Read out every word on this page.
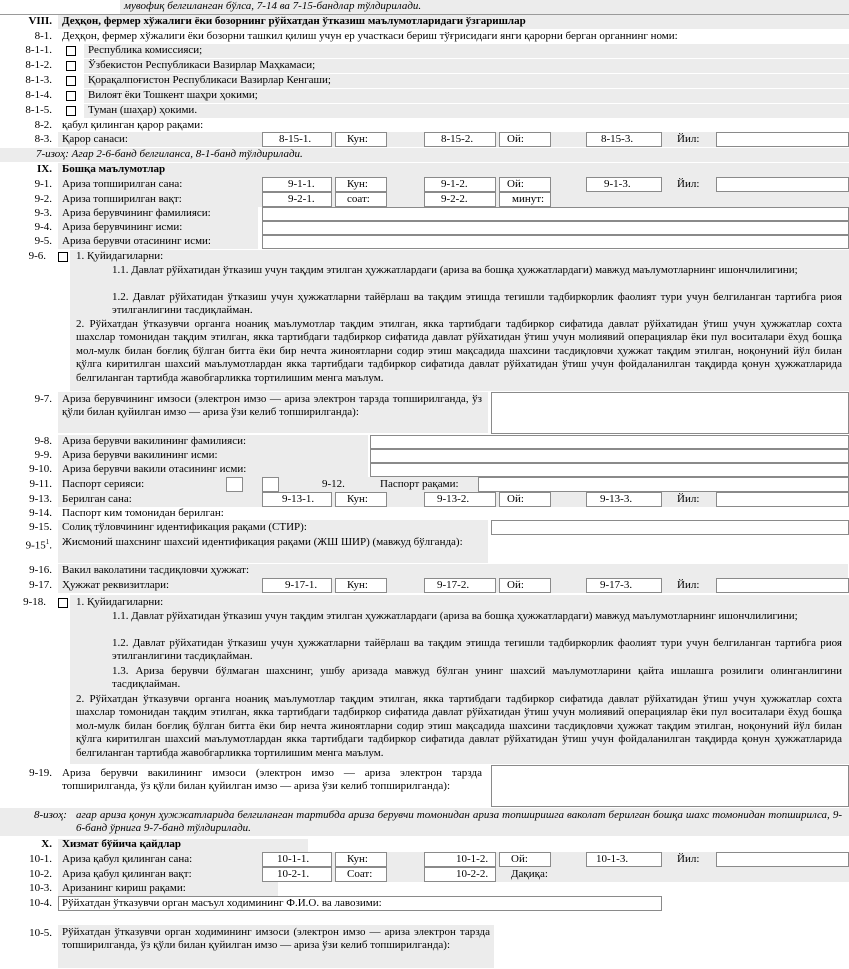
мувофиқ белгиланган бўлса, 7-14 ва 7-15-бандлар тўлдирилади.
VIII. Деҳқон, фермер хўжалиги ёки бозорнинг рўйхатдан ўтказиш маълумотларидаги ўзгаришлар
8-1. Деҳқон, фермер хўжалиги ёки бозорни ташкил қилиш учун ер участкаси бериш тўғрисидаги янги қарорни берган органнинг номи:
8-1-1.	Республика комиссияси;
8-1-2.	Ўзбекистон Республикаси Вазирлар Маҳкамаси;
8-1-3.	Қорақалпоғистон Республикаси Вазирлар Кенгаши;
8-1-4.	Вилоят ёки Тошкент шаҳри ҳокими;
8-1-5.	Туман (шаҳар) ҳокими.
8-2. қабул қилинган қарор рақами:
8-3. Қарор санаси:	8-15-1.	Кун:	8-15-2.	Ой:	8-15-3.	Йил:
7-изоҳ: Агар 2-6-банд белгиланса, 8-1-банд тўлдирилади.
IX. Бошқа маълумотлар
9-1. Ариза топширилган сана:	9-1-1.	Кун:	9-1-2.	Ой:	9-1-3.	Йил:
9-2. Ариза топширилган вақт:	9-2-1.	соат:	9-2-2.	минут:
9-3. Ариза берувчининг фамилияси:
9-4. Ариза берувчининг исми:
9-5. Ариза берувчи отасининг исми:
9-6.	1. Қуйидагиларни:
1.1. Давлат рўйхатидан ўтказиш учун тақдим этилган ҳужжатлардаги (ариза ва бошқа ҳужжатлардаги) мавжуд маълумотларнинг ишончлилигини;
1.2. Давлат рўйхатидан ўтказиш учун ҳужжатларни тайёрлаш ва тақдим этишда тегишли тадбиркорлик фаолият тури учун белгиланган тартибга риоя этилганлигини тасдиқлайман.
2. Рўйхатдан ўтказувчи органга ноаниқ маълумотлар тақдим этилган, якка тартибдаги тадбиркор сифатида давлат рўйхатидан ўтиш учун ҳужжатлар сохта шахслар томонидан тақдим этилган, якка тартибдаги тадбиркор сифатида давлат рўйхатидан ўтиш учун молиявий операциялар ёки пул воситалари ёхуд бошқа мол-мулк билан боғлиқ бўлган битта ёки бир нечта жиноятларни содир этиш мақсадида шахсини тасдиқловчи ҳужжат тақдим этилган, ноқонуний йўл билан қўлга киритилган шахсий маълумотлардан якка тартибдаги тадбиркор сифатида давлат рўйхатидан ўтиш учун фойдаланилган тақдирда қонун ҳужжатларида белгиланган тартибда жавобгарликка тортилишим менга маълум.
9-7. Ариза берувчининг имзоси (электрон имзо — ариза электрон тарзда топширилганда, ўз қўли билан қуйилган имзо — ариза ўзи келиб топширилганда):
9-8. Ариза берувчи вакилининг фамилияси:
9-9. Ариза берувчи вакилининг исми:
9-10. Ариза берувчи вакили отасининг исми:
9-11. Паспорт серияси:	9-12.	Паспорт рақами:
9-13. Берилган сана:	9-13-1.	Кун:	9-13-2.	Ой:	9-13-3.	Йил:
9-14. Паспорт ким томонидан берилган:
9-15. Солиқ тўловчининг идентификация рақами (СТИР):
$9-15^1$. Жисмоний шахснинг шахсий идентификация рақами (ЖШ ШИР) (мавжуд бўлганда):
9-16. Вакил ваколатини тасдиқловчи ҳужжат:
9-17. Ҳужжат реквизитлари:	9-17-1.	Кун:	9-17-2.	Ой:	9-17-3.	Йил:
9-18.	1. Қуйидагиларни:
1.1. Давлат рўйхатидан ўтказиш учун тақдим этилган ҳужжатлардаги (ариза ва бошқа ҳужжатлардаги) мавжуд маълумотларнинг ишончлилигини;
1.2. Давлат рўйхатидан ўтказиш учун ҳужжатларни тайёрлаш ва тақдим этишда тегишли тадбиркорлик фаолият тури учун белгиланган тартибга риоя этилганлигини тасдиқлайман.
1.3. Ариза берувчи бўлмаган шахснинг, ушбу аризада мавжуд бўлган унинг шахсий маълумотларини қайта ишлашга розилиги олинганлигини тасдиқлайман.
2. Рўйхатдан ўтказувчи органга ноаниқ маълумотлар тақдим этилган, якка тартибдаги тадбиркор сифатида давлат рўйхатидан ўтиш учун ҳужжатлар сохта шахслар томонидан тақдим этилган, якка тартибдаги тадбиркор сифатида давлат рўйхатидан ўтиш учун молиявий операциялар ёки пул воситалари ёхуд бошқа мол-мулк билан боғлиқ бўлган битта ёки бир нечта жиноятларни содир этиш мақсадида шахсини тасдиқловчи ҳужжат тақдим этилган, ноқонуний йўл билан қўлга киритилган шахсий маълумотлардан якка тартибдаги тадбиркор сифатида давлат рўйхатидан ўтиш учун фойдаланилган тақдирда қонун ҳужжатларида белгиланган тартибда жавобгарликка тортилишим менга маълум.
9-19. Ариза берувчи вакилининг имзоси (электрон имзо — ариза электрон тарзда топширилганда, ўз қўли билан қуйилган имзо — ариза ўзи келиб топширилганда):
8-изоҳ: агар ариза қонун ҳужжатларида белгиланган тартибда ариза берувчи томонидан ариза топширишга ваколат берилган бошқа шахс томонидан топширилса, 9-6-банд ўрнига 9-7-банд тўлдирилади.
X. Хизмат бўйича қайдлар
10-1. Ариза қабул қилинган сана:	10-1-1.	Кун:	10-1-2. Ой:	10-1-3.	Йил:
10-2. Ариза қабул қилинган вақт:	10-2-1.	Соат:	10-2-2. Дақиқа:
10-3. Аризанинг кириш рақами:
10-4. Рўйхатдан ўтказувчи орган масъул ходимининг Ф.И.О. ва лавозими:
10-5. Рўйхатдан ўтказувчи орган ходимининг имзоси (электрон имзо — ариза электрон тарзда топширилганда, ўз қўли билан қуйилган имзо — ариза ўзи келиб топширилганда):
